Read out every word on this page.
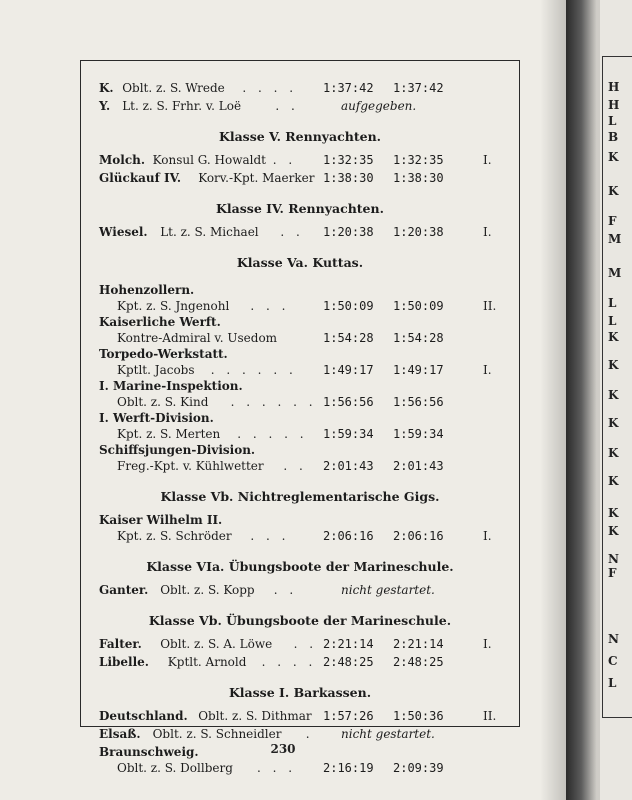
K. Oblt. z. S. Wrede . . . . 1:37:42 1:37:42
Y. Lt. z. S. Frhr. v. Loë	. .	aufgegeben.
Klasse V. Rennyachten.
Molch. Konsul G. Howaldt . . 1:32:35 1:32:35	I.
Glückauf IV. Korv.-Kpt. Maerker 1:38:30 1:38:30
Klasse IV. Rennyachten.
Wiesel. Lt. z. S. Michael . . 1:20:38 1:20:38	I.
Klasse Va. Kuttas.
Hohenzollern.
Kpt. z. S. Jngenohl . . .	1:50:09 1:50:09	II.
Kaiserliche Werft.
Kontre-Admiral v. Usedom	1:54:28 1:54:28
Torpedo-Werkstatt.
Kptlt. Jacobs . . . . . . 1:49:17 1:49:17	I.
I. Marine-Inspektion.
Oblt. z. S. Kind . . . . . . 1:56:56 1:56:56
I. Werft-Division.
Kpt. z. S. Merten . . . . . 1:59:34 1:59:34
Schiffsjungen-Division.
Freg.-Kpt. v. Kühlwetter . . 2:01:43 2:01:43
Klasse Vb. Nichtreglementarische Gigs.
Kaiser Wilhelm II.
Kpt. z. S. Schröder . . .	2:06:16 2:06:16	I.
Klasse VIa. Übungsboote der Marineschule.
Ganter. Oblt. z. S. Kopp . .	nicht gestartet.
Klasse Vb. Übungsboote der Marineschule.
Falter. Oblt. z. S. A. Löwe . . 2:21:14 2:21:14	I.
Libelle. Kptlt. Arnold . . . . 2:48:25 2:48:25
Klasse I. Barkassen.
Deutschland. Oblt. z. S. Dithmar 1:57:26 1:50:36	II.
Elsaß. Oblt. z. S. Schneidler . nicht gestartet.
Braunschweig.
Oblt. z. S. Dollberg . . . 2:16:19 2:09:39
230
H
H
L
B
K
K
F
M
M
L
L
K
K
K
K
K
K
K
K
N
F
N
C
L
